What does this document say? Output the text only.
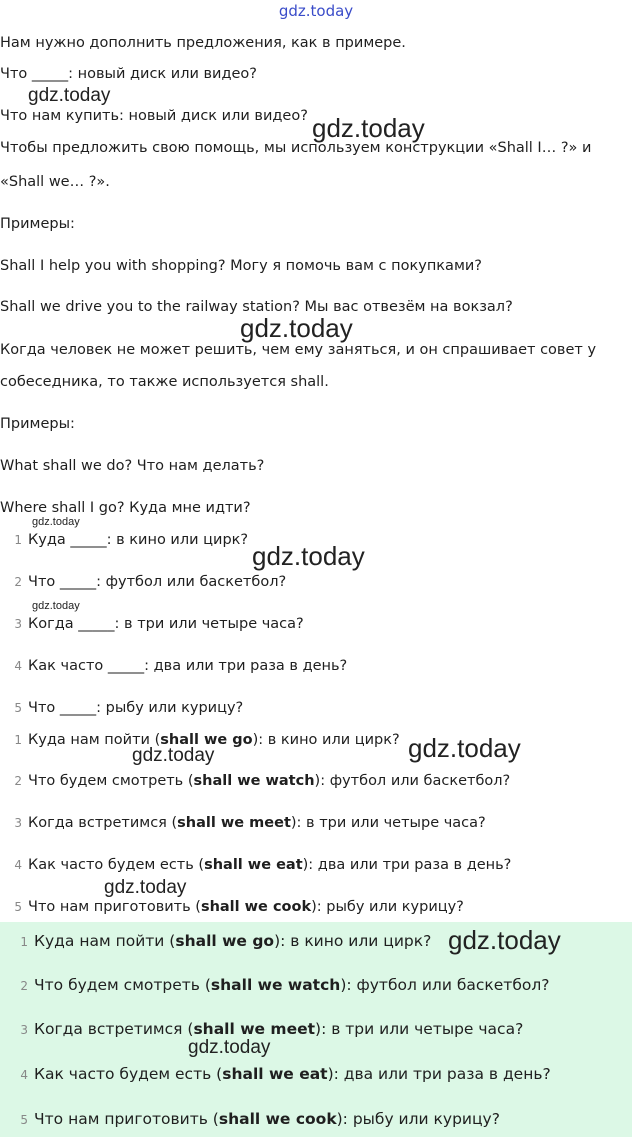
gdz.today
Нам нужно дополнить предложения, как в примере.
Что _____: новый диск или видео?
Что нам купить: новый диск или видео?
Чтобы предложить свою помощь, мы используем конструкции «Shall I… ?» и
«Shall we… ?».
Примеры:
Shall I help you with shopping? Могу я помочь вам с покупками?
Shall we drive you to the railway station? Мы вас отвезём на вокзал?
Когда человек не может решить, чем ему заняться, и он спрашивает совет у
собеседника, то также используется shall.
Примеры:
What shall we do? Что нам делать?
Where shall I go? Куда мне идти?
1 Куда _____: в кино или цирк?
2 Что _____: футбол или баскетбол?
3 Когда _____: в три или четыре часа?
4 Как часто _____: два или три раза в день?
5 Что _____: рыбу или курицу?
1 Куда нам пойти (shall we go): в кино или цирк?
2 Что будем смотреть (shall we watch): футбол или баскетбол?
3 Когда встретимся (shall we meet): в три или четыре часа?
4 Как часто будем есть (shall we eat): два или три раза в день?
5 Что нам приготовить (shall we cook): рыбу или курицу?
1 Куда нам пойти (shall we go): в кино или цирк?
2 Что будем смотреть (shall we watch): футбол или баскетбол?
3 Когда встретимся (shall we meet): в три или четыре часа?
4 Как часто будем есть (shall we eat): два или три раза в день?
5 Что нам приготовить (shall we cook): рыбу или курицу?
gdz.today
gdz.today
gdz.today
gdz.today
gdz.today
gdz.today
gdz.today	gdz.today
gdz.today
gdz.today
gdz.today
